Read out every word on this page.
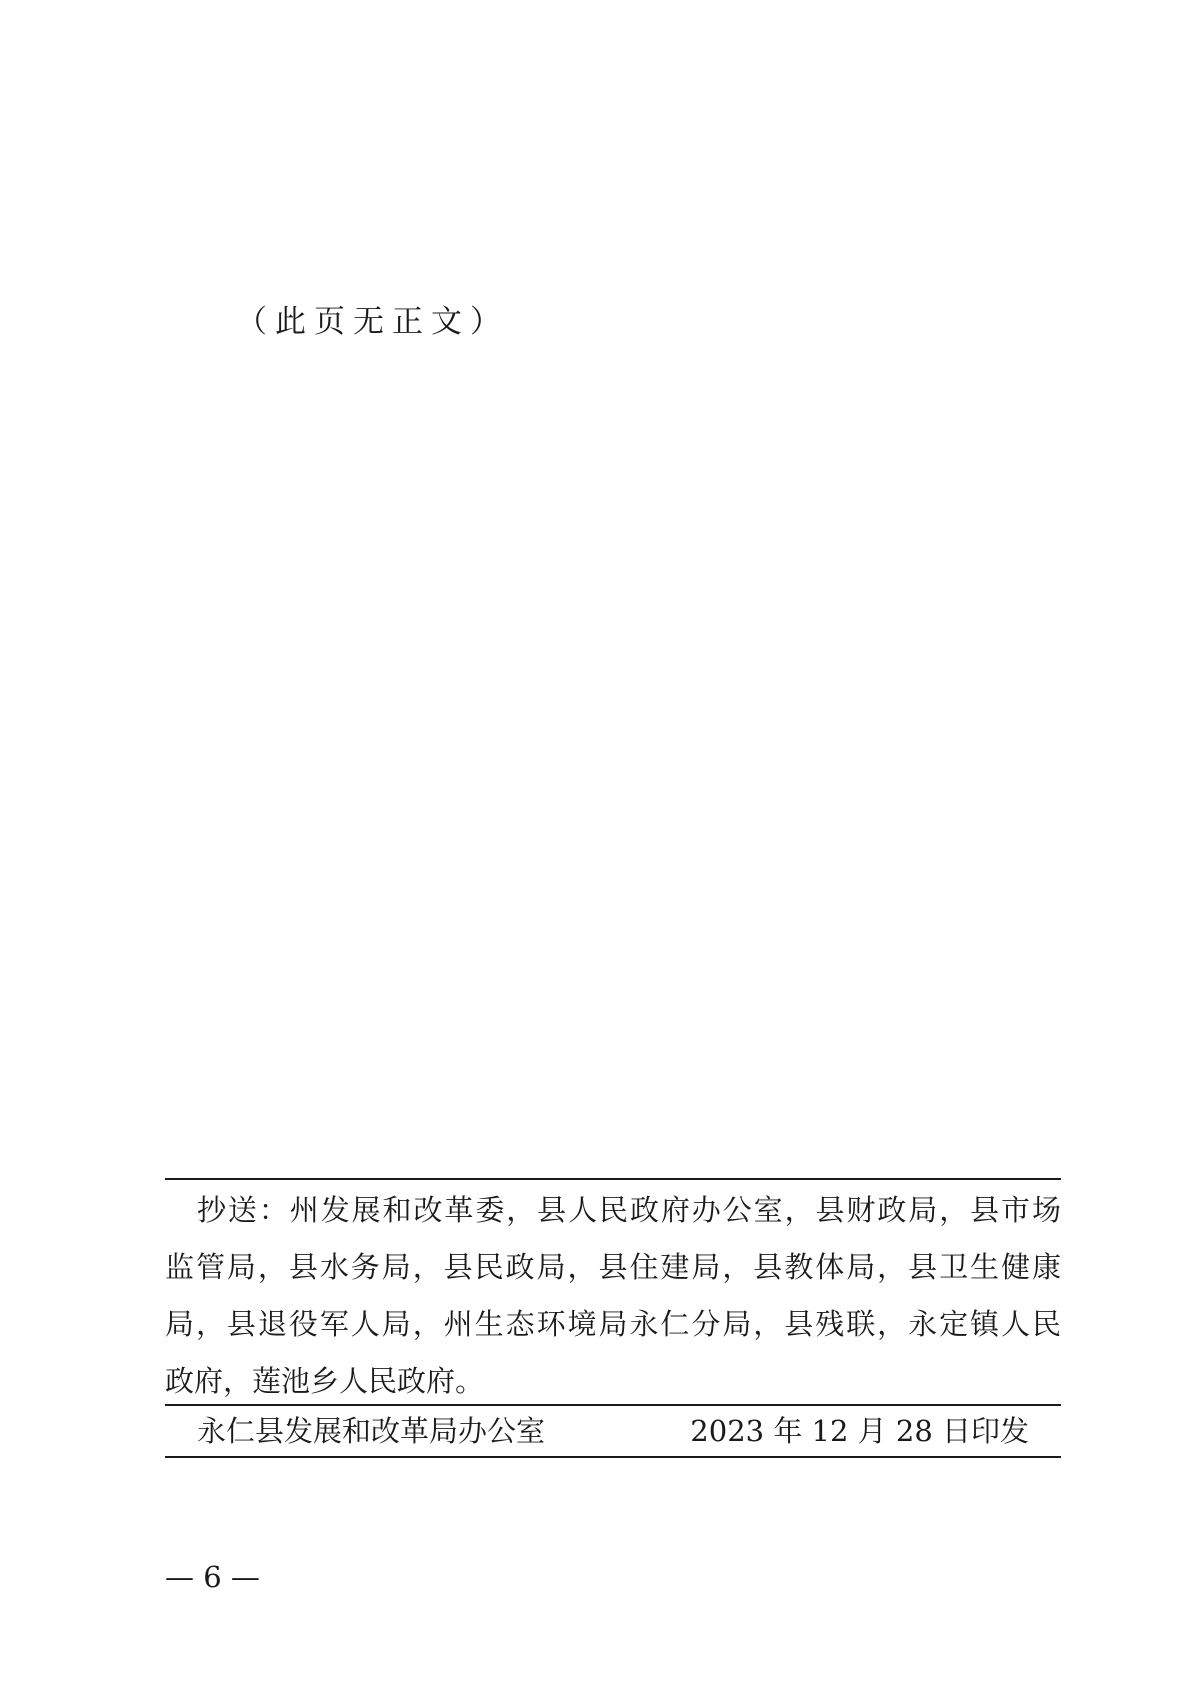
（此页无正文）
抄送：州发展和改革委，县人民政府办公室，县财政局，县市场
监管局，县水务局，县民政局，县住建局，县教体局，县卫生健康
局，县退役军人局，州生态环境局永仁分局，县残联，永定镇人民
政府，莲池乡人民政府。
永仁县发展和改革局办公室	2023 年 12 月 28 日印发
— 6 —
